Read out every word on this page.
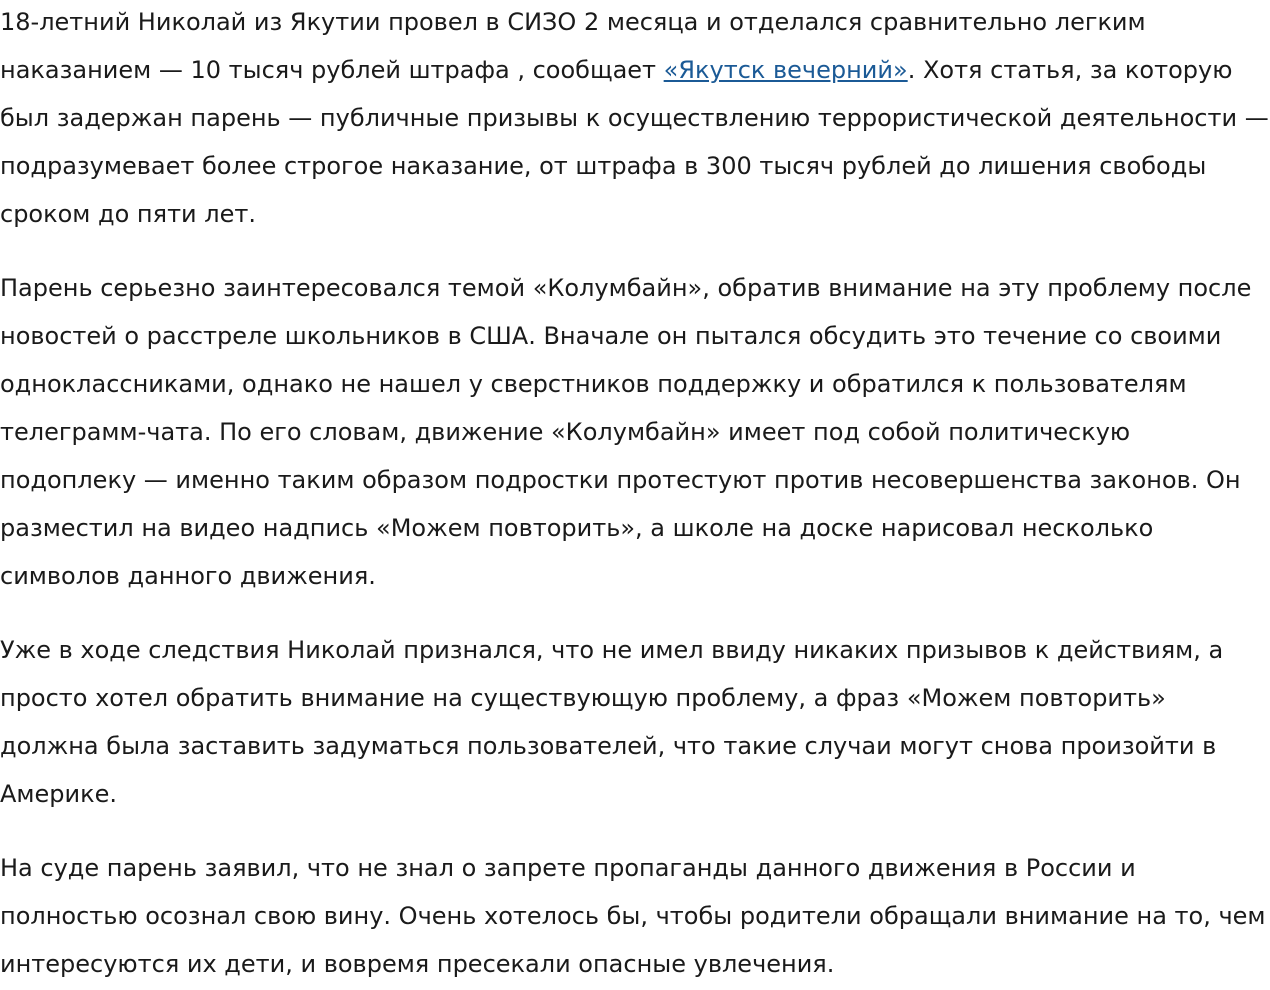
18-летний Николай из Якутии провел в СИЗО 2 месяца и отделался сравнительно легким наказанием — 10 тысяч рублей штрафа , сообщает «Якутск вечерний». Хотя статья, за которую был задержан парень — публичные призывы к осуществлению террористической деятельности — подразумевает более строгое наказание, от штрафа в 300 тысяч рублей до лишения свободы сроком до пяти лет.

Парень серьезно заинтересовался темой «Колумбайн», обратив внимание на эту проблему после новостей о расстреле школьников в США. Вначале он пытался обсудить это течение со своими одноклассниками, однако не нашел у сверстников поддержку и обратился к пользователям телеграмм-чата. По его словам, движение «Колумбайн» имеет под собой политическую подоплеку — именно таким образом подростки протестуют против несовершенства законов. Он разместил на видео надпись «Можем повторить», а школе на доске нарисовал несколько символов данного движения.

Уже в ходе следствия Николай признался, что не имел ввиду никаких призывов к действиям, а просто хотел обратить внимание на существующую проблему, а фраз «Можем повторить» должна была заставить задуматься пользователей, что такие случаи могут снова произойти в Америке.

На суде парень заявил, что не знал о запрете пропаганды данного движения в России и полностью осознал свою вину. Очень хотелось бы, чтобы родители обращали внимание на то, чем интересуются их дети, и вовремя пресекали опасные увлечения.
